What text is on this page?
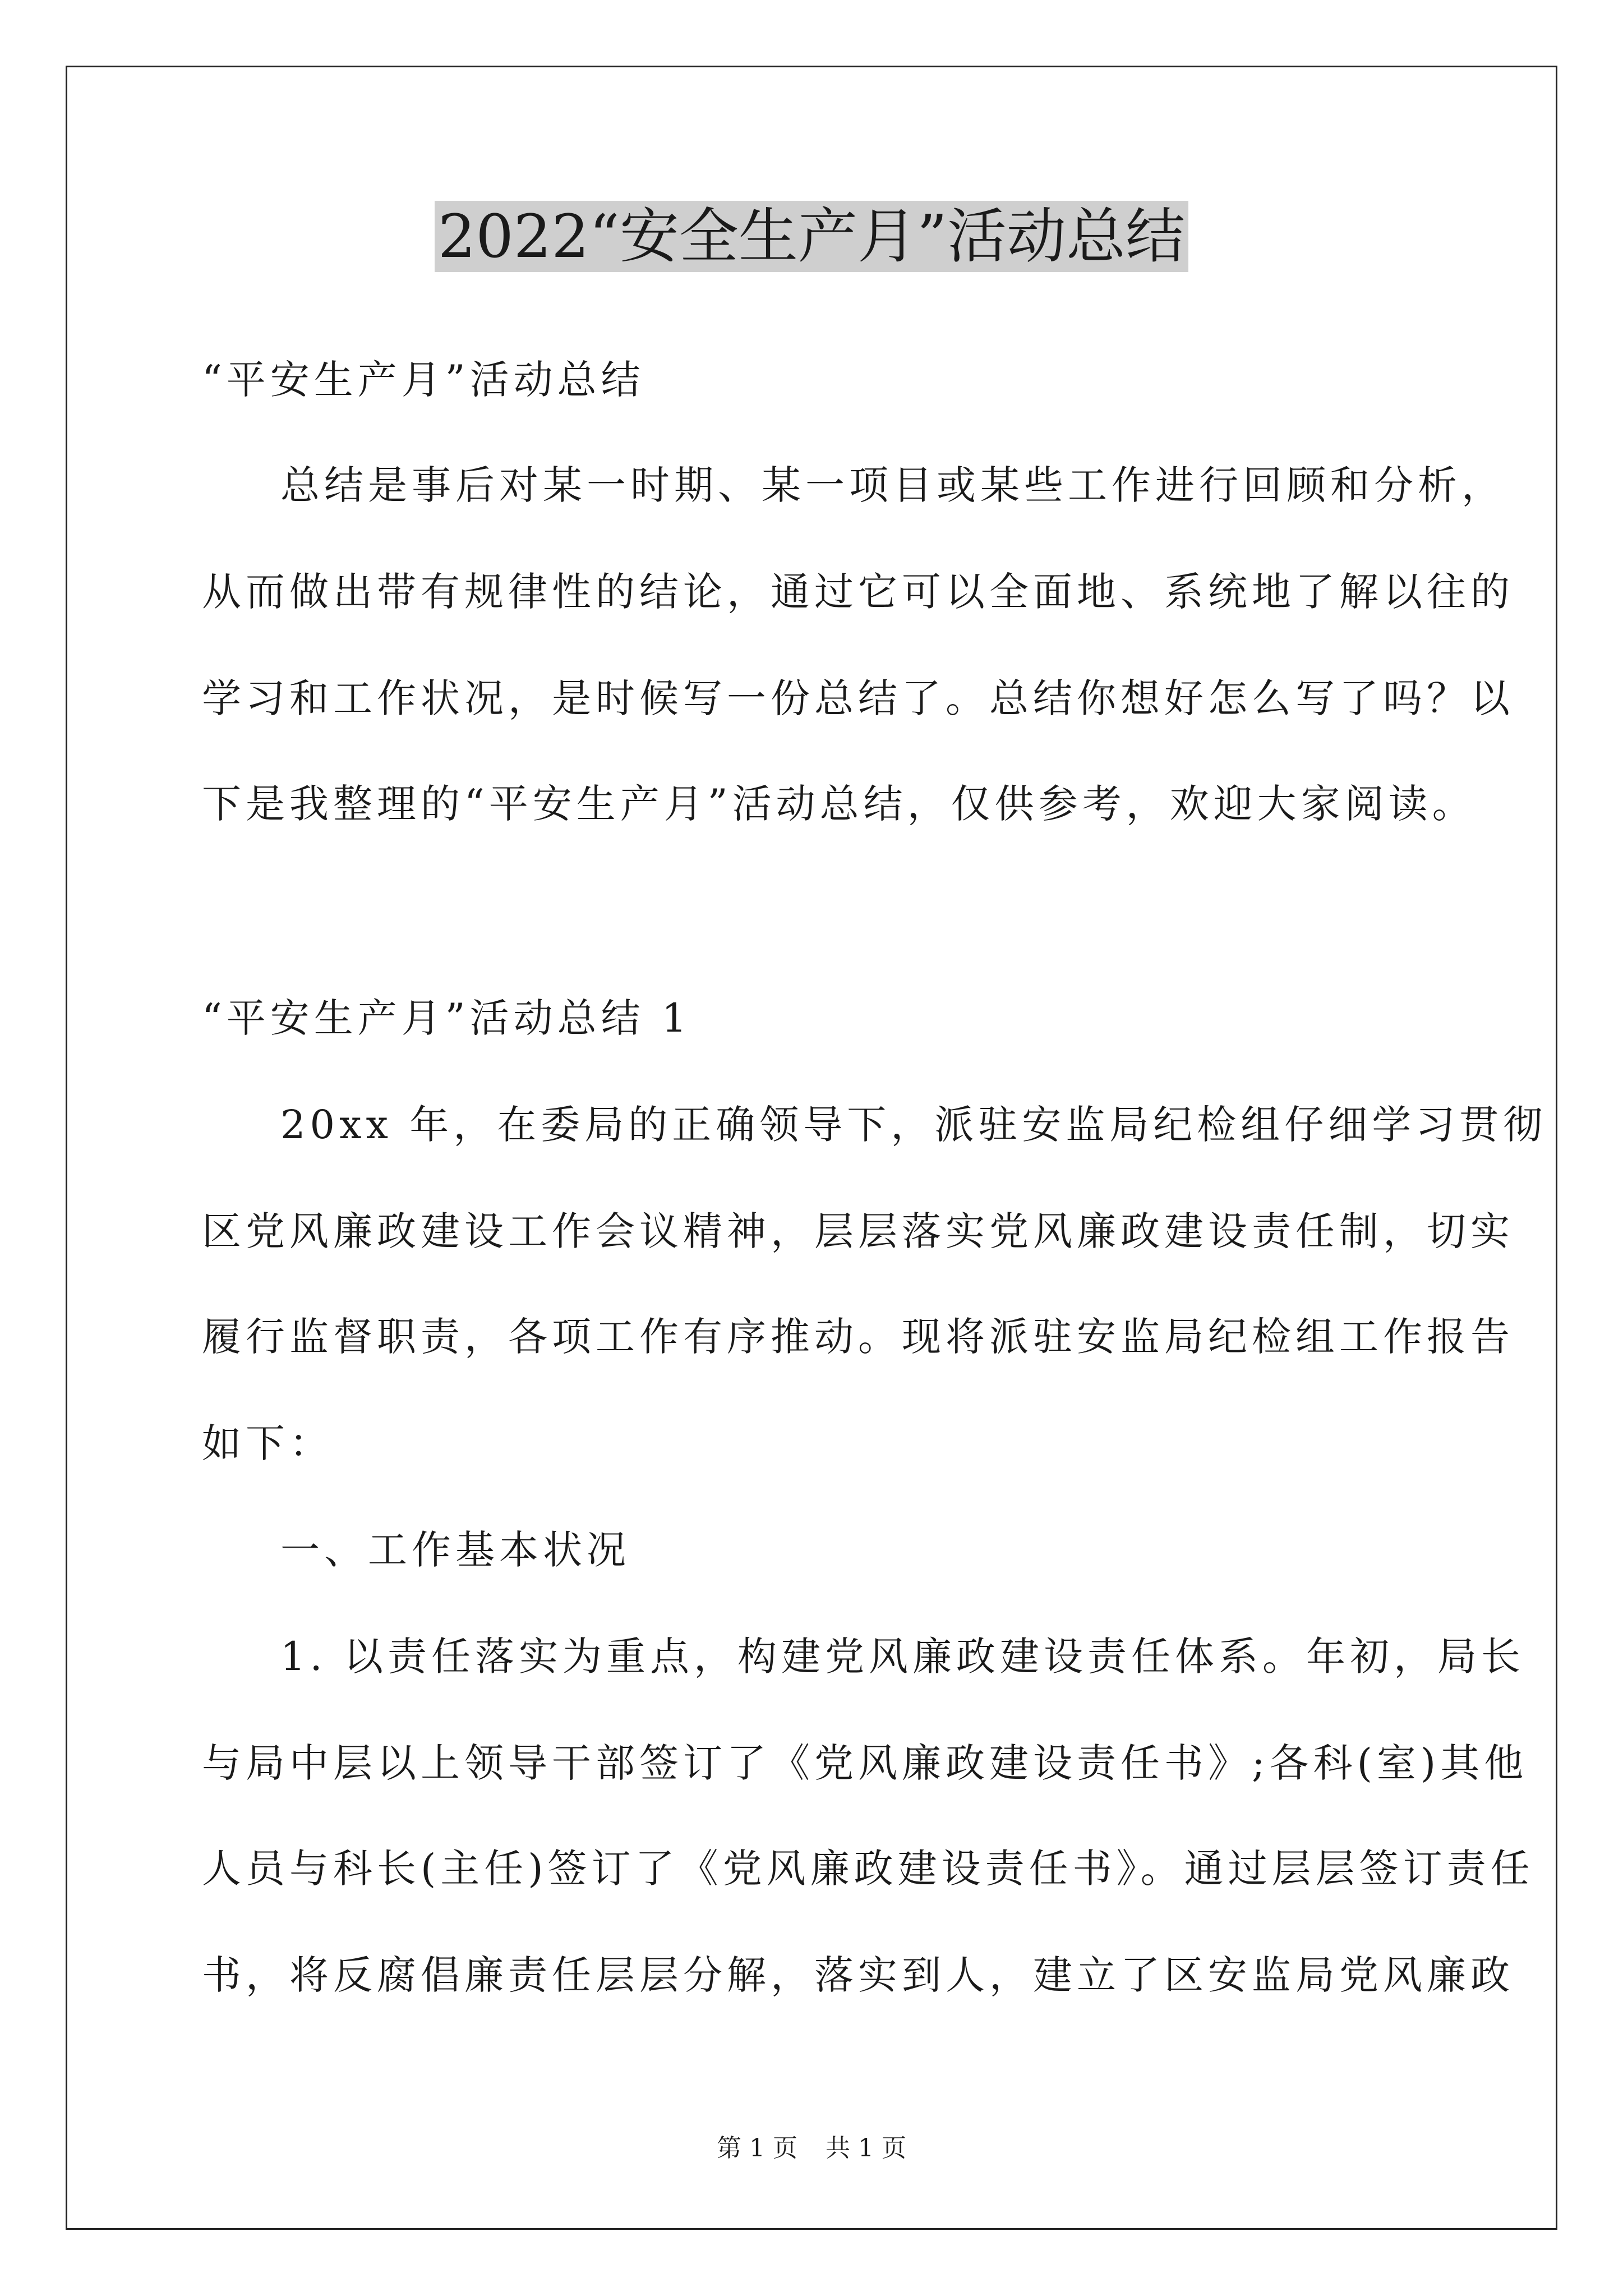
2022“安全生产月”活动总结
“平安生产月”活动总结
总结是事后对某一时期、某一项目或某些工作进行回顾和分析，
从而做出带有规律性的结论，通过它可以全面地、系统地了解以往的
学习和工作状况，是时候写一份总结了。总结你想好怎么写了吗？以
下是我整理的“平安生产月”活动总结，仅供参考，欢迎大家阅读。
“平安生产月”活动总结 1
20xx 年，在委局的正确领导下，派驻安监局纪检组仔细学习贯彻
区党风廉政建设工作会议精神，层层落实党风廉政建设责任制，切实
履行监督职责，各项工作有序推动。现将派驻安监局纪检组工作报告
如下：
一、工作基本状况
1. 以责任落实为重点，构建党风廉政建设责任体系。年初，局长
与局中层以上领导干部签订了《党风廉政建设责任书》;各科(室)其他
人员与科长(主任)签订了《党风廉政建设责任书》。通过层层签订责任
书，将反腐倡廉责任层层分解，落实到人，建立了区安监局党风廉政
第 1 页 共 1 页
